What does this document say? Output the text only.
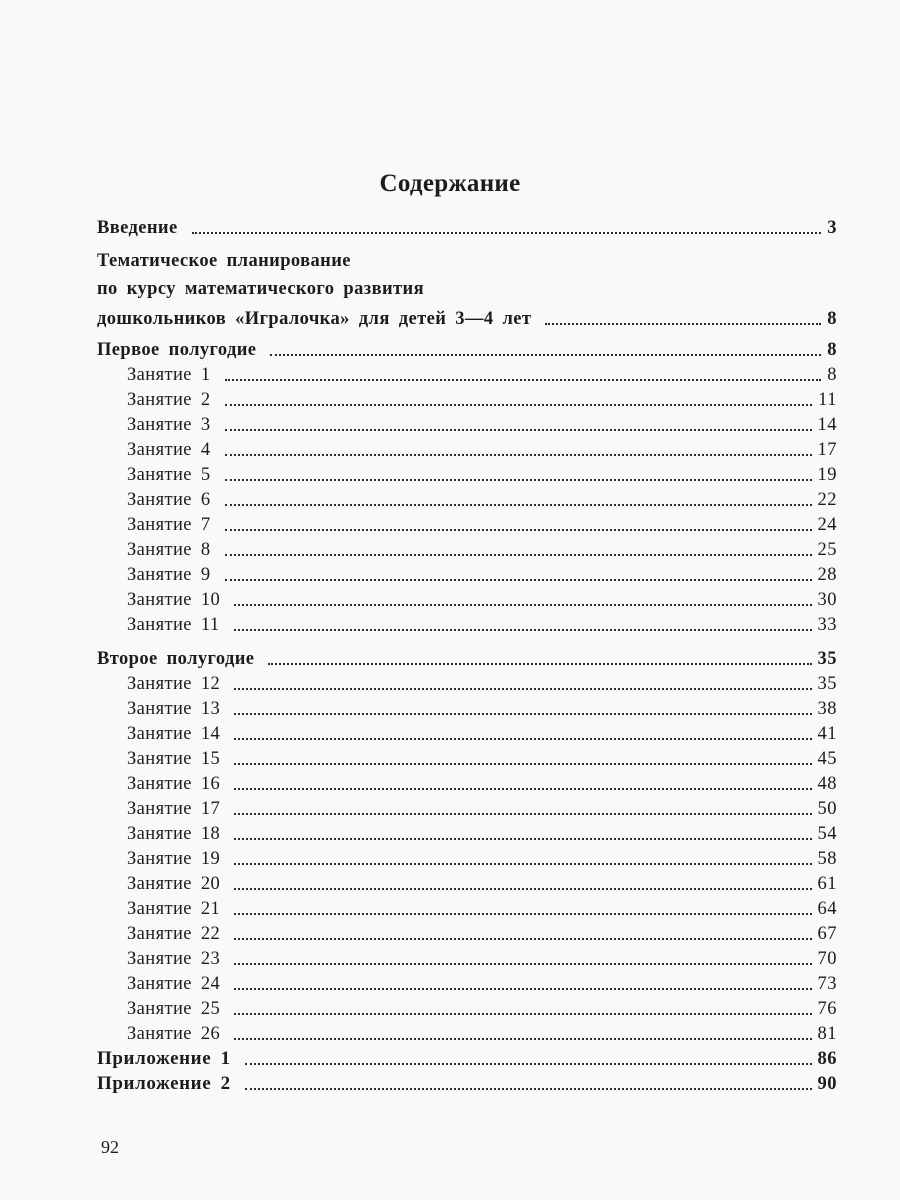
Содержание
Введение	3
Тематическое планирование
по курсу математического развития
дошкольников «Игралочка» для детей 3—4 лет	8
Первое полугодие	8
Занятие 1	8
Занятие 2	11
Занятие 3	14
Занятие 4	17
Занятие 5	19
Занятие 6	22
Занятие 7	24
Занятие 8	25
Занятие 9	28
Занятие 10	30
Занятие 11	33
Второе полугодие	35
Занятие 12	35
Занятие 13	38
Занятие 14	41
Занятие 15	45
Занятие 16	48
Занятие 17	50
Занятие 18	54
Занятие 19	58
Занятие 20	61
Занятие 21	64
Занятие 22	67
Занятие 23	70
Занятие 24	73
Занятие 25	76
Занятие 26	81
Приложение 1	86
Приложение 2	90
92
